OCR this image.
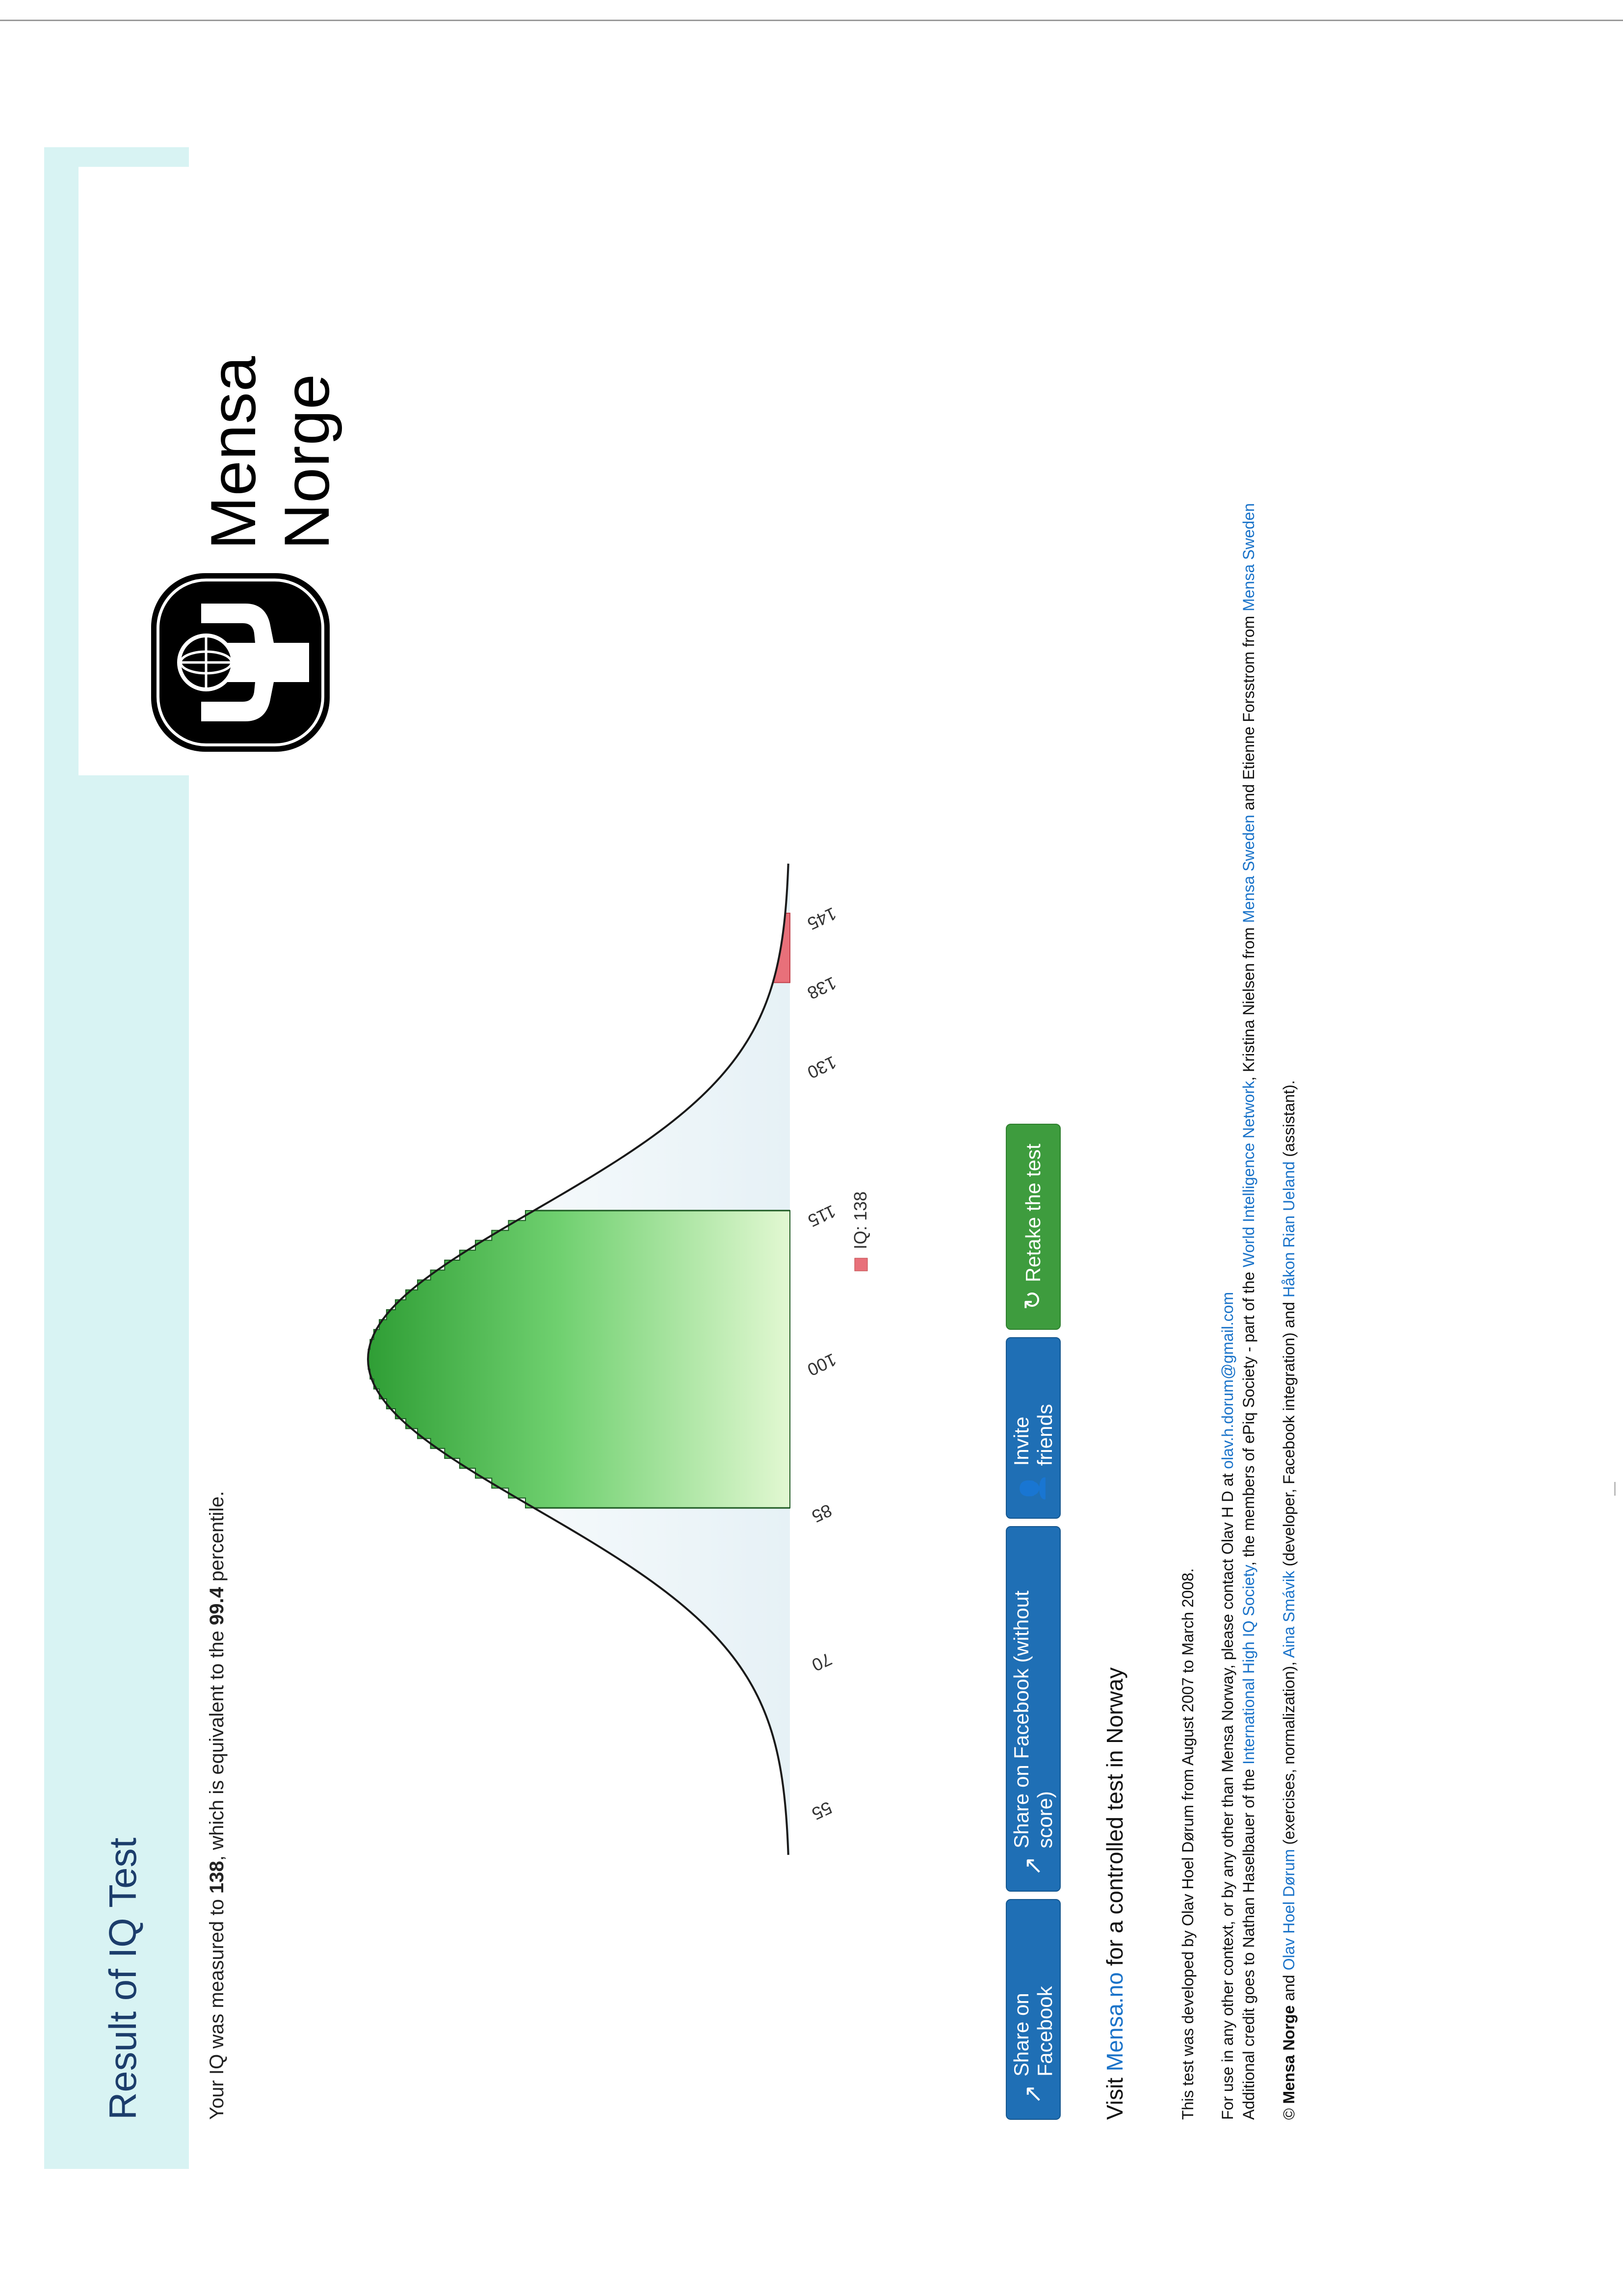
Result of IQ Test
Mensa Norge
Your IQ was measured to 138, which is equivalent to the 99.4 percentile.
55
70
85
100
115
130
138
145
IQ: 138
↗
Share on Facebook
↗
Share on Facebook (without score)
👤
Invite friends
↻
Retake the test
Visit Mensa.no for a controlled test in Norway	This test was developed by Olav Hoel Dørum from August 2007 to March 2008. For use in any other context, or by any other than Mensa Norway, please contact Olav H D at olav.h.dorum@gmail.com

Additional credit goes to Nathan Haselbauer of the International High IQ Society, the members of ePiq Society - part of the World Intelligence Network, Kristina Nielsen from Mensa Sweden and Etienne Forsstrom from Mensa Sweden

© Mensa Norge and Olav Hoel Dørum (exercises, normalization), Aina Smávik (developer, Facebook integration) and Håkon Rian Ueland (assistant).
